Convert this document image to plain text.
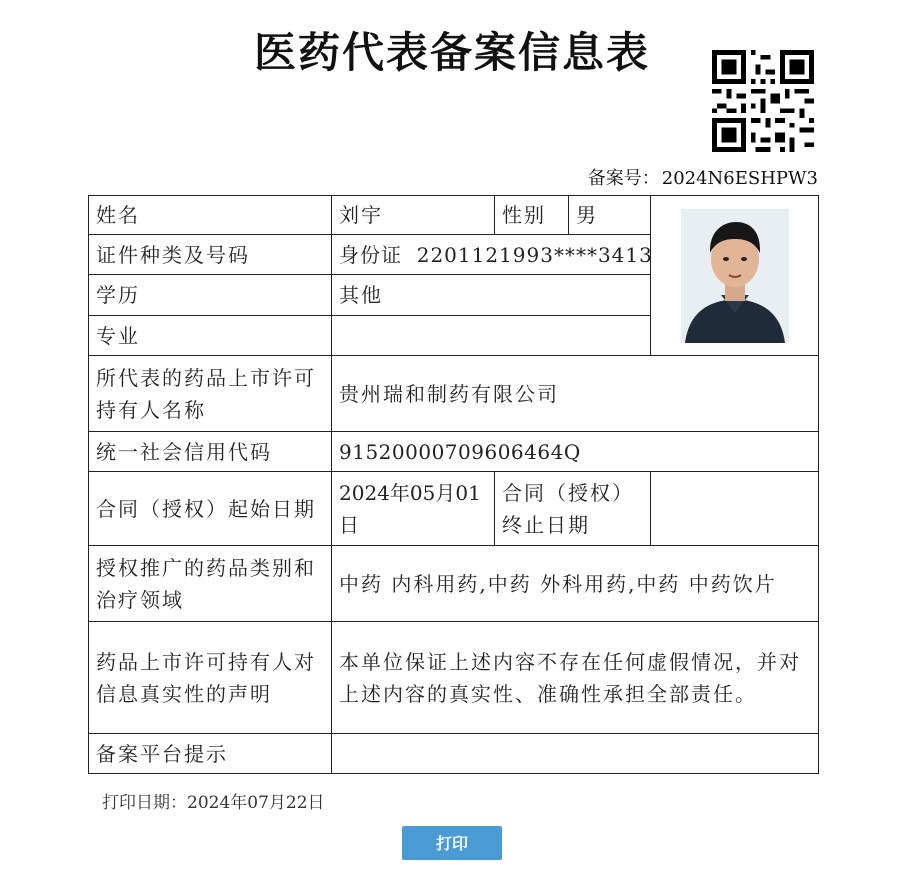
医药代表备案信息表
备案号： 2024N6ESHPW3
姓名	刘宇	性别	男	

证件种类及号码	身份证  2201121993****3413			
学历	其他			
专业				
所代表的药品上市许可持有人名称	贵州瑞和制药有限公司			
统一社会信用代码	91520000709606464Q			
合同（授权）起始日期	2024年05月01日	合同（授权）终止日期		
授权推广的药品类别和治疗领域	中药 内科用药,中药 外科用药,中药 中药饮片			
药品上市许可持有人对信息真实性的声明	本单位保证上述内容不存在任何虚假情况，并对上述内容的真实性、准确性承担全部责任。			
备案平台提示				
打印日期：2024年07月22日
打印
